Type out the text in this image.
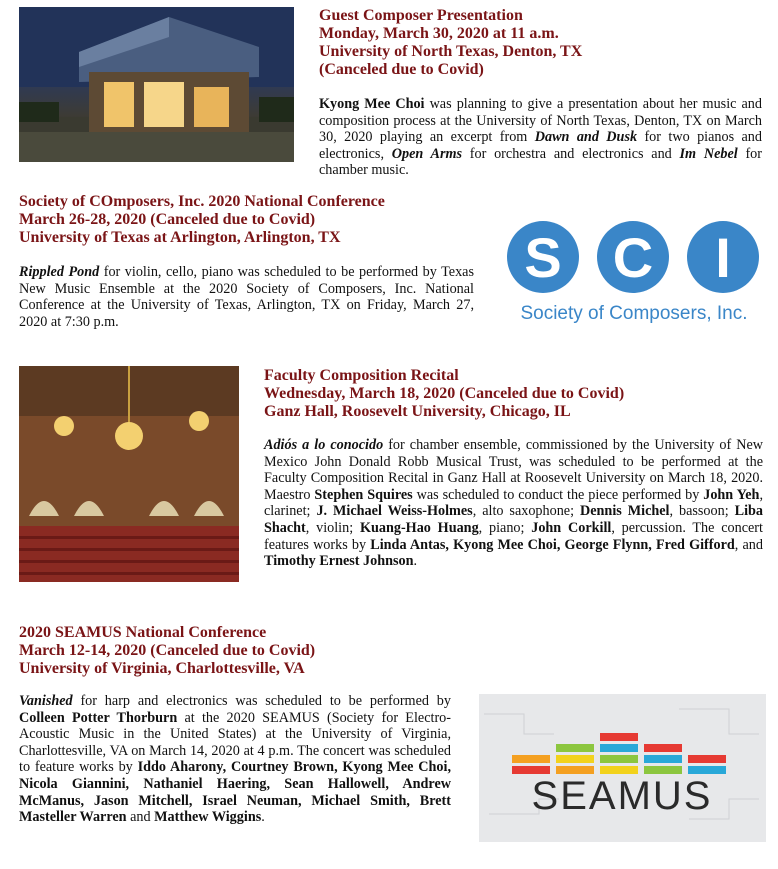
Guest Composer Presentation
Monday, March 30, 2020 at 11 a.m.
University of North Texas, Denton, TX
(Canceled due to Covid)
Kyong Mee Choi was planning to give a presentation about her music and composition process at the University of North Texas, Denton, TX on March 30, 2020 playing an excerpt from Dawn and Dusk for two pianos and electronics, Open Arms for orchestra and electronics and Im Nebel for chamber music.
Society of COmposers, Inc. 2020 National Conference
March 26-28, 2020 (Canceled due to Covid)
University of Texas at Arlington, Arlington, TX
Rippled Pond for violin, cello, piano was scheduled to be performed by Texas New Music Ensemble at the 2020 Society of Composers, Inc. National Conference at the University of Texas, Arlington, TX on Friday, March 27, 2020 at 7:30 p.m.
S C I
Society of Composers, Inc.
Faculty Composition Recital
Wednesday, March 18, 2020 (Canceled due to Covid)
Ganz Hall, Roosevelt University, Chicago, IL
Adiós a lo conocido for chamber ensemble, commissioned by the University of New Mexico John Donald Robb Musical Trust, was scheduled to be performed at the Faculty Composition Recital in Ganz Hall at Roosevelt University on March 18, 2020. Maestro Stephen Squires was scheduled to conduct the piece performed by John Yeh, clarinet; J. Michael Weiss-Holmes, alto saxophone; Dennis Michel, bassoon; Liba Shacht, violin; Kuang-Hao Huang, piano; John Corkill, percussion. The concert features works by Linda Antas, Kyong Mee Choi, George Flynn, Fred Gifford, and Timothy Ernest Johnson.
2020 SEAMUS National Conference
March 12-14, 2020 (Canceled due to Covid)
University of Virginia, Charlottesville, VA
Vanished for harp and electronics was scheduled to be performed by Colleen Potter Thorburn at the 2020 SEAMUS (Society for Electro-Acoustic Music in the United States) at the University of Virginia, Charlottesville, VA on March 14, 2020 at 4 p.m. The concert was scheduled to feature works by Iddo Aharony, Courtney Brown, Kyong Mee Choi, Nicola Giannini, Nathaniel Haering, Sean Hallowell, Andrew McManus, Jason Mitchell, Israel Neuman, Michael Smith, Brett Masteller Warren and Matthew Wiggins.	SEAMUS
